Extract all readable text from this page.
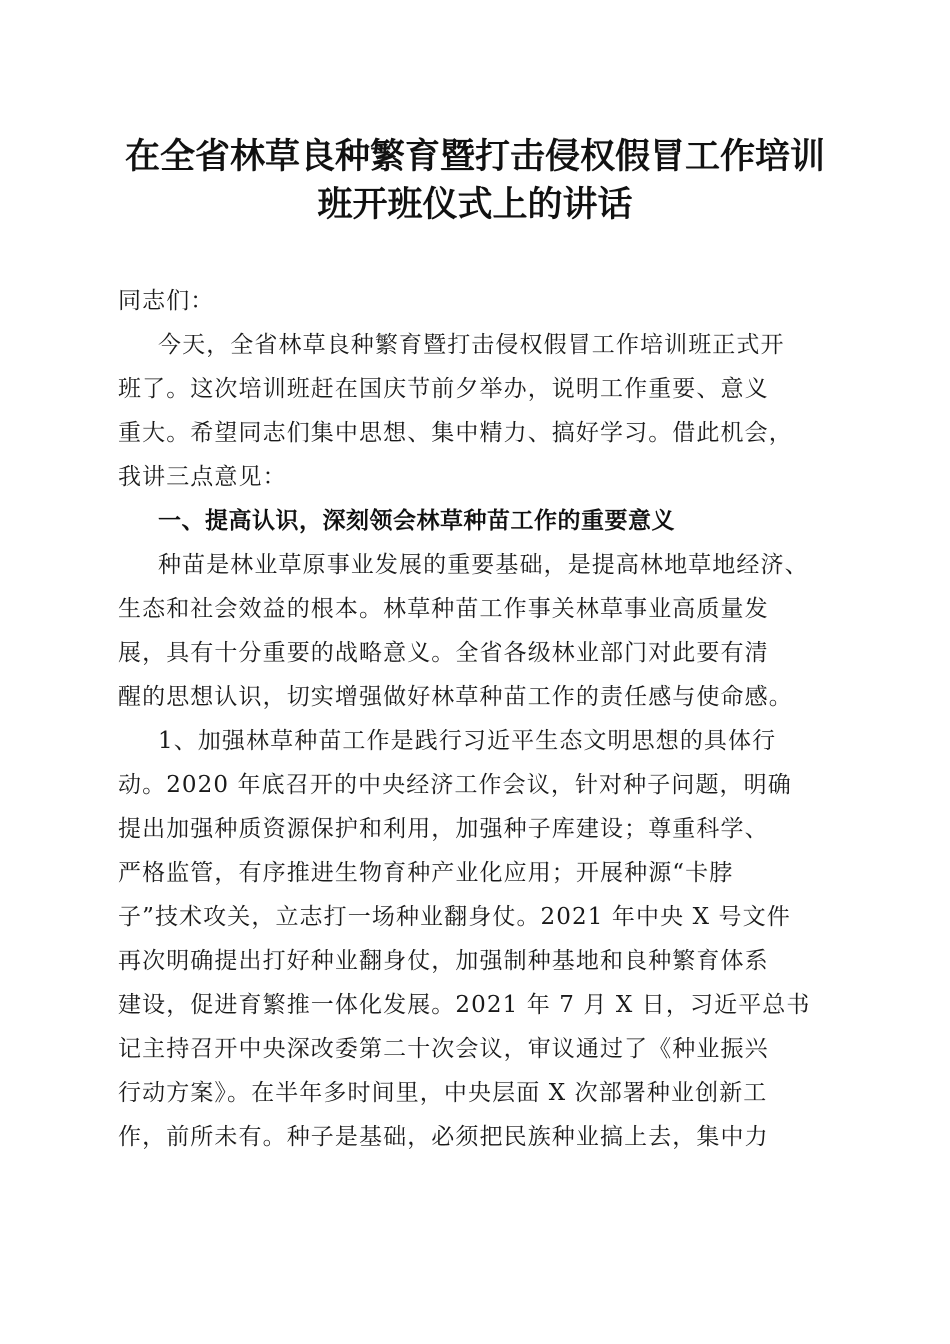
在全省林草良种繁育暨打击侵权假冒工作培训
班开班仪式上的讲话
同志们：
今天，全省林草良种繁育暨打击侵权假冒工作培训班正式开
班了。这次培训班赶在国庆节前夕举办，说明工作重要、意义
重大。希望同志们集中思想、集中精力、搞好学习。借此机会，
我讲三点意见：
一、提高认识，深刻领会林草种苗工作的重要意义
种苗是林业草原事业发展的重要基础，是提高林地草地经济、
生态和社会效益的根本。林草种苗工作事关林草事业高质量发
展，具有十分重要的战略意义。全省各级林业部门对此要有清
醒的思想认识，切实增强做好林草种苗工作的责任感与使命感。
1、加强林草种苗工作是践行习近平生态文明思想的具体行
动。2020 年底召开的中央经济工作会议，针对种子问题，明确
提出加强种质资源保护和利用，加强种子库建设；尊重科学、
严格监管，有序推进生物育种产业化应用；开展种源“卡脖
子”技术攻关，立志打一场种业翻身仗。2021 年中央 X 号文件
再次明确提出打好种业翻身仗，加强制种基地和良种繁育体系
建设，促进育繁推一体化发展。2021 年 7 月 X 日，习近平总书
记主持召开中央深改委第二十次会议，审议通过了《种业振兴
行动方案》。在半年多时间里，中央层面 X 次部署种业创新工
作，前所未有。种子是基础，必须把民族种业搞上去，集中力
